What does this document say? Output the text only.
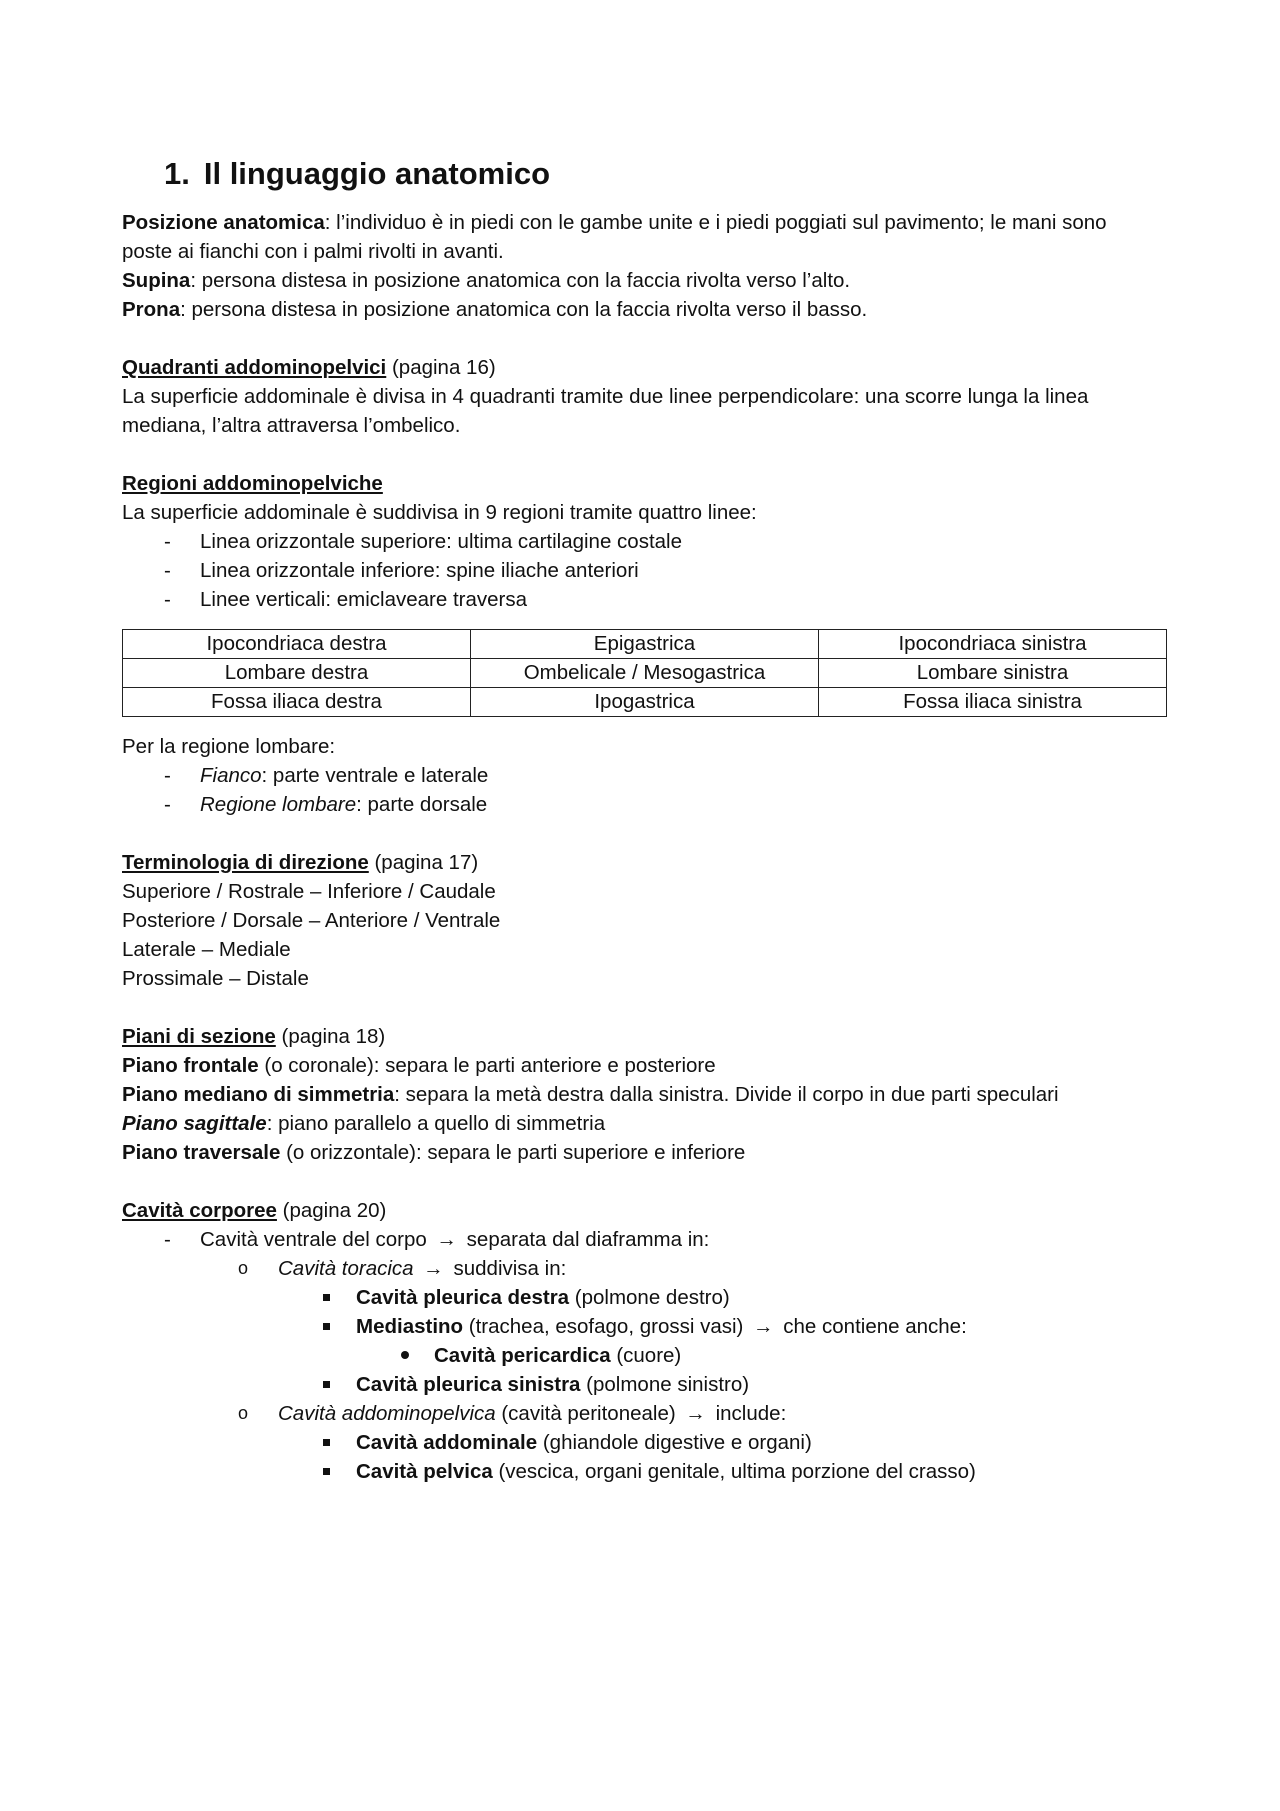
1. Il linguaggio anatomico

Posizione anatomica: l’individuo è in piedi con le gambe unite e i piedi poggiati sul pavimento; le mani sono

poste ai fianchi con i palmi rivolti in avanti.

Supina: persona distesa in posizione anatomica con la faccia rivolta verso l’alto.

Prona: persona distesa in posizione anatomica con la faccia rivolta verso il basso.

Quadranti addominopelvici (pagina 16)

La superficie addominale è divisa in 4 quadranti tramite due linee perpendicolare: una scorre lunga la linea

mediana, l’altra attraversa l’ombelico.

Regioni addominopelviche

La superficie addominale è suddivisa in 9 regioni tramite quattro linee:

- Linea orizzontale superiore: ultima cartilagine costale
- Linea orizzontale inferiore: spine iliache anteriori
- Linee verticali: emiclaveare traversa
Ipocondriaca destra	Epigastrica	Ipocondriaca sinistra
Lombare destra	Ombelicale / Mesogastrica	Lombare sinistra
Fossa iliaca destra	Ipogastrica	Fossa iliaca sinistra

Per la regione lombare:

- Fianco: parte ventrale e laterale
- Regione lombare: parte dorsale

Terminologia di direzione (pagina 17)

Superiore / Rostrale – Inferiore / Caudale

Posteriore / Dorsale – Anteriore / Ventrale

Laterale – Mediale

Prossimale – Distale

Piani di sezione (pagina 18)

Piano frontale (o coronale): separa le parti anteriore e posteriore

Piano mediano di simmetria: separa la metà destra dalla sinistra. Divide il corpo in due parti speculari

Piano sagittale: piano parallelo a quello di simmetria

Piano traversale (o orizzontale): separa le parti superiore e inferiore

Cavità corporee (pagina 20)

- Cavità ventrale del corpo → separata dal diaframma in:
o Cavità toracica → suddivisa in:
Cavità pleurica destra (polmone destro)
Mediastino (trachea, esofago, grossi vasi) → che contiene anche:
Cavità pericardica (cuore)
Cavità pleurica sinistra (polmone sinistro)
o Cavità addominopelvica (cavità peritoneale) → include:
Cavità addominale (ghiandole digestive e organi)
Cavità pelvica (vescica, organi genitale, ultima porzione del crasso)
